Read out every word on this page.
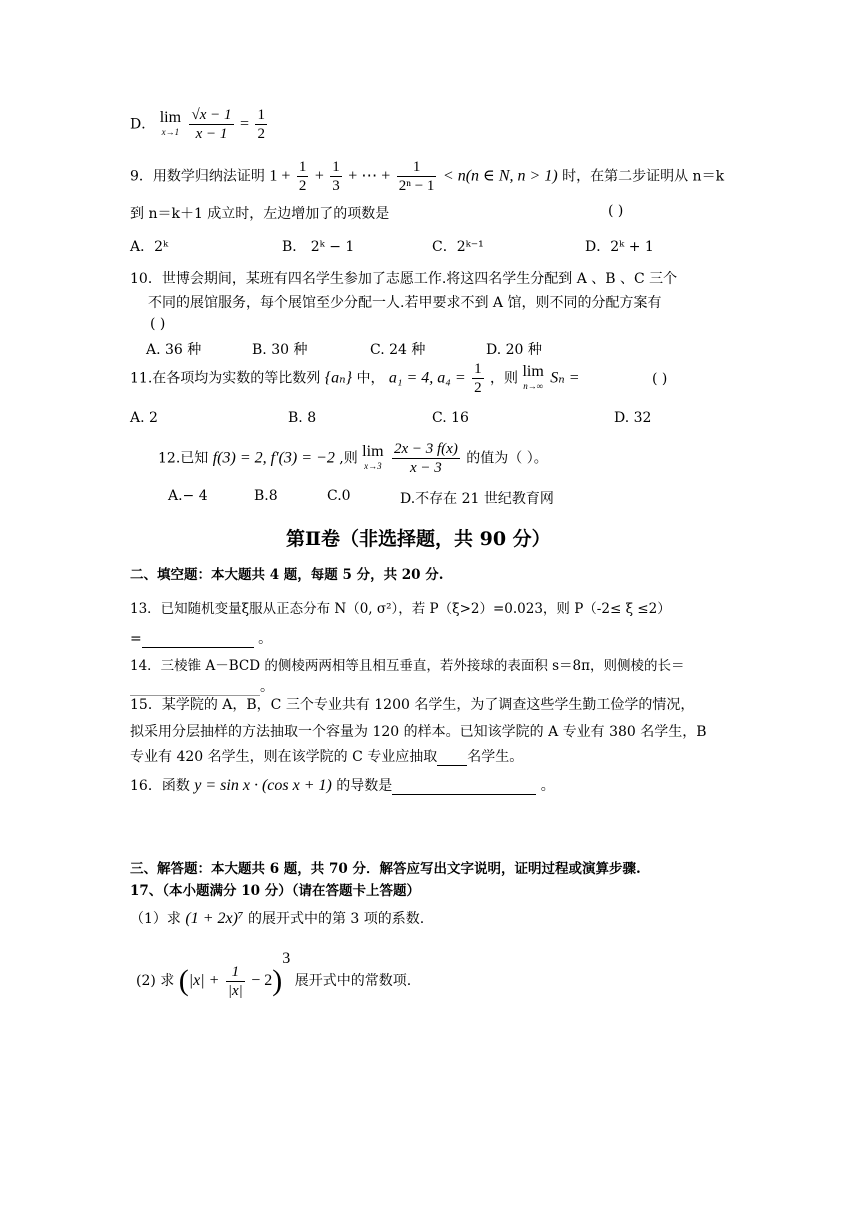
D． lim
x→1
$\frac{√x - 1}{x - 1} = \frac{1}{2}$
9．用数学归纳法证明 $1 + \frac{1}{2} + \frac{1}{3}$ + ⋯ + $\frac{1}{\text{2ⁿ − 1}} < n(n$ ∈ N, n > 1) 时，在第二步证明从 n＝k
到 n＝k＋1 成立时，左边增加了的项数是	( )
A．2ᵏ	B． 2ᵏ − 1	C．2ᵏ⁻¹	D．2ᵏ + 1
10．世博会期间，某班有四名学生参加了志愿工作.将这四名学生分配到 A 、B 、C 三个
不同的展馆服务，每个展馆至少分配一人.若甲要求不到 A 馆，则不同的分配方案有
( )
A. 36 种	B. 30 种	C. 24 种	D. 20 种
11.在各项均为实数的等比数列 {aₙ} 中， a₁ = 4, $a_4 = \frac{1}{2}$ ，则 lim
n→∞ Sₙ =	( )
A. 2	B. 8	C. 16	D. 32
12.已知 f(3) = 2, f′(3) = −2 ,则 lim
x→3
$\frac{2x - 3 f(x)}{x - 3}$ 的值为（ ）。
A.− 4	B.8	C.0	D.不存在 21 世纪教育网
第Ⅱ卷（非选择题，共 90 分）
二、填空题：本大题共 4 题，每题 5 分，共 20 分.
13．已知随机变量ξ服从正态分布 N（0, σ²），若 P（ξ>2）=0.023，则 P（-2≤ ξ ≤2）
=	。
14．三棱锥 A－BCD 的侧棱两两相等且相互垂直，若外接球的表面积 s＝8π，则侧棱的长＝
。
15．某学院的 A，B，C 三个专业共有 1200 名学生，为了调查这些学生勤工俭学的情况，
拟采用分层抽样的方法抽取一个容量为 120 的样本。已知该学院的 A 专业有 380 名学生，B
专业有 420 名学生，则在该学院的 C 专业应抽取 名学生。
16．函数 y = sin x · (cos x + 1) 的导数是	。
三、解答题：本大题共 6 题，共 70 分．解答应写出文字说明，证明过程或演算步骤.
17、（本小题满分 10 分）（请在答题卡上答题）
（1）求 (1 + 2x)⁷ 的展开式中的第 3 项的系数.
(2) 求 $(|x| + \frac{1}{|x|} - 2)^3$ 展开式中的常数项.
